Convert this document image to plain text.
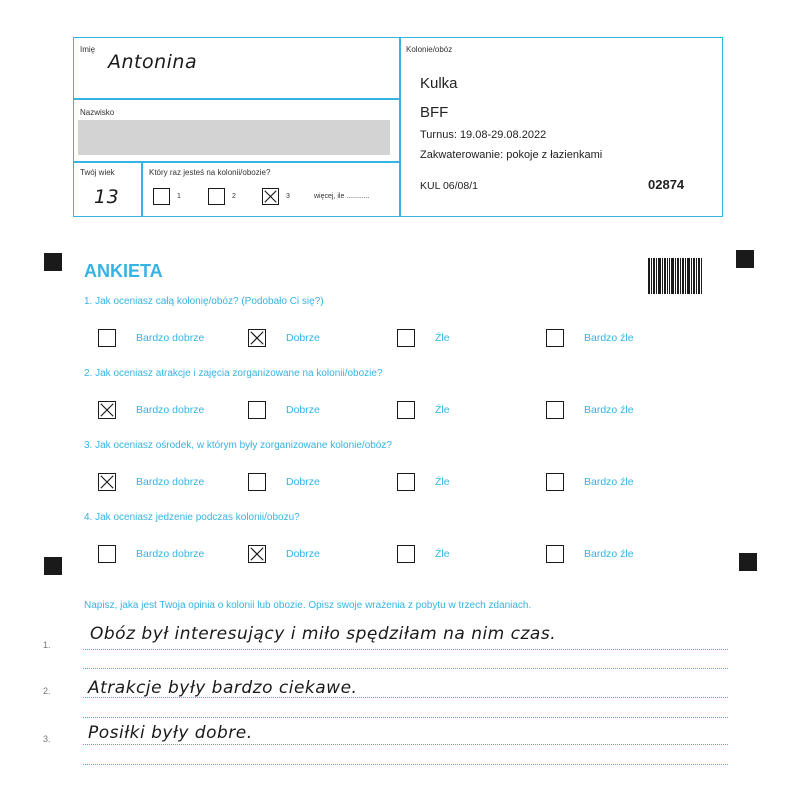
Imię
Antonina
Nazwisko
Twój wiek
13
Który raz jesteś na kolonii/obozie?
1	2	3	więcej, ile ............
Kolonie/obóz
Kulka
BFF
Turnus: 19.08-29.08.2022
Zakwaterowanie: pokoje z łazienkami
KUL 06/08/1	02874
ANKIETA
1. Jak oceniasz całą kolonię/obóz? (Podobało Ci się?)
Bardzo dobrze	Dobrze	Źle	Bardzo źle
2. Jak oceniasz atrakcje i zajęcia zorganizowane na kolonii/obozie?
Bardzo dobrze	Dobrze	Źle	Bardzo źle
3. Jak oceniasz ośrodek, w którym były zorganizowane kolonie/obóz?
Bardzo dobrze	Dobrze	Źle	Bardzo źle
4. Jak oceniasz jedzenie podczas kolonii/obozu?
Bardzo dobrze	Dobrze	Źle	Bardzo źle
Napisz, jaka jest Twoja opinia o kolonii lub obozie. Opisz swoje wrażenia z pobytu w trzech zdaniach.
1.
Obóz był interesujący i miło spędziłam na nim czas.
2. Atrakcje były bardzo ciekawe.
3. Posiłki były dobre.
